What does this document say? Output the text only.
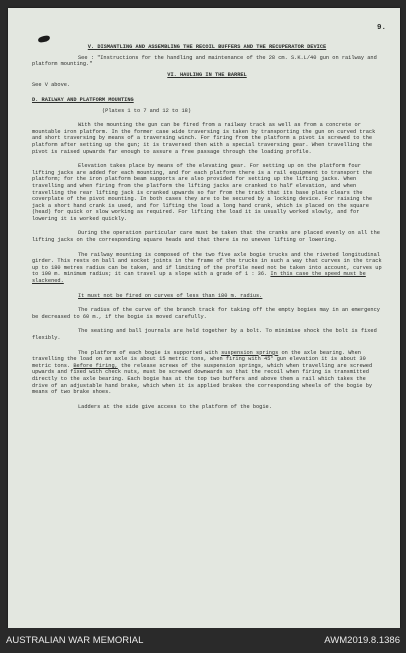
9.

V. DISMANTLING AND ASSEMBLING THE RECOIL BUFFERS AND THE RECUPERATOR DEVICE

See : "Instructions for the handling and maintenance of the 28 cm. S.K.L/40 gun on railway and platform mounting."

VI. HAULING IN THE BARREL

See V above.

D. RAILWAY AND PLATFORM MOUNTING

(Plates 1 to 7 and 12 to 18)

With the mounting the gun can be fired from a railway track as well as from a concrete or mountable iron platform. In the former case wide traversing is taken by transporting the gun on curved track and short traversing by means of a traversing winch. For firing from the platform a pivot is screwed to the platform after setting up the gun; it is traversed then with a special traversing gear. When travelling the pivot is raised upwards far enough to assure a free passage through the loading profile.

Elevation takes place by means of the elevating gear. For setting up on the platform four lifting jacks are added for each mounting, and for each platform there is a rail equipment to transport the platform; for the iron platform beam supports are also provided for setting up the lifting jacks. When travelling and when firing from the platform the lifting jacks are cranked to half elevation, and when travelling the rear lifting jack is cranked upwards so far from the track that its base plate clears the coverplate of the pivot mounting. In both cases they are to be secured by a locking device. For raising the jack a short hand crank is used, and for lifting the load a long hand crank, which is placed on the square (head) for quick or slow working as required. For lifting the load it is usually worked slowly, and for lowering it is worked quickly.

During the operation particular care must be taken that the cranks are placed evenly on all the lifting jacks on the corresponding square heads and that there is no uneven lifting or lowering.

The railway mounting is composed of the two five axle bogie trucks and the riveted longitudinal girder. This rests on ball and socket joints in the frame of the trucks in such a way that curves in the track up to 180 metres radius can be taken, and if limiting of the profile need not be taken into account, curves up to 100 m. minimum radius; it can travel up a slope with a grade of 1 : 36. In this case the speed must be slackened.

It must not be fired on curves of less than 180 m. radius.

The radius of the curve of the branch track for taking off the empty bogies may in an emergency be decreased to 60 m., if the bogie is moved carefully.

The seating and ball journals are held together by a bolt. To minimise shock the bolt is fixed flexibly.

The platform of each bogie is supported with suspension springs on the axle bearing. When travelling the load on an axle is about 15 metric tons, when firing with 45° gun elevation it is about 30 metric tons. Before firing, the release screws of the suspension springs, which when travelling are screwed upwards and fixed with check nuts, must be screwed downwards so that the recoil when firing is transmitted directly to the axle bearing. Each bogie has at the top two buffers and above them a rail which takes the drive of an adjustable hand brake, which when it is applied brakes the corresponding wheels of the bogie by means of two brake shoes.

Ladders at the side give access to the platform of the bogie.

AUSTRALIAN WAR MEMORIAL	AWM2019.8.1386
